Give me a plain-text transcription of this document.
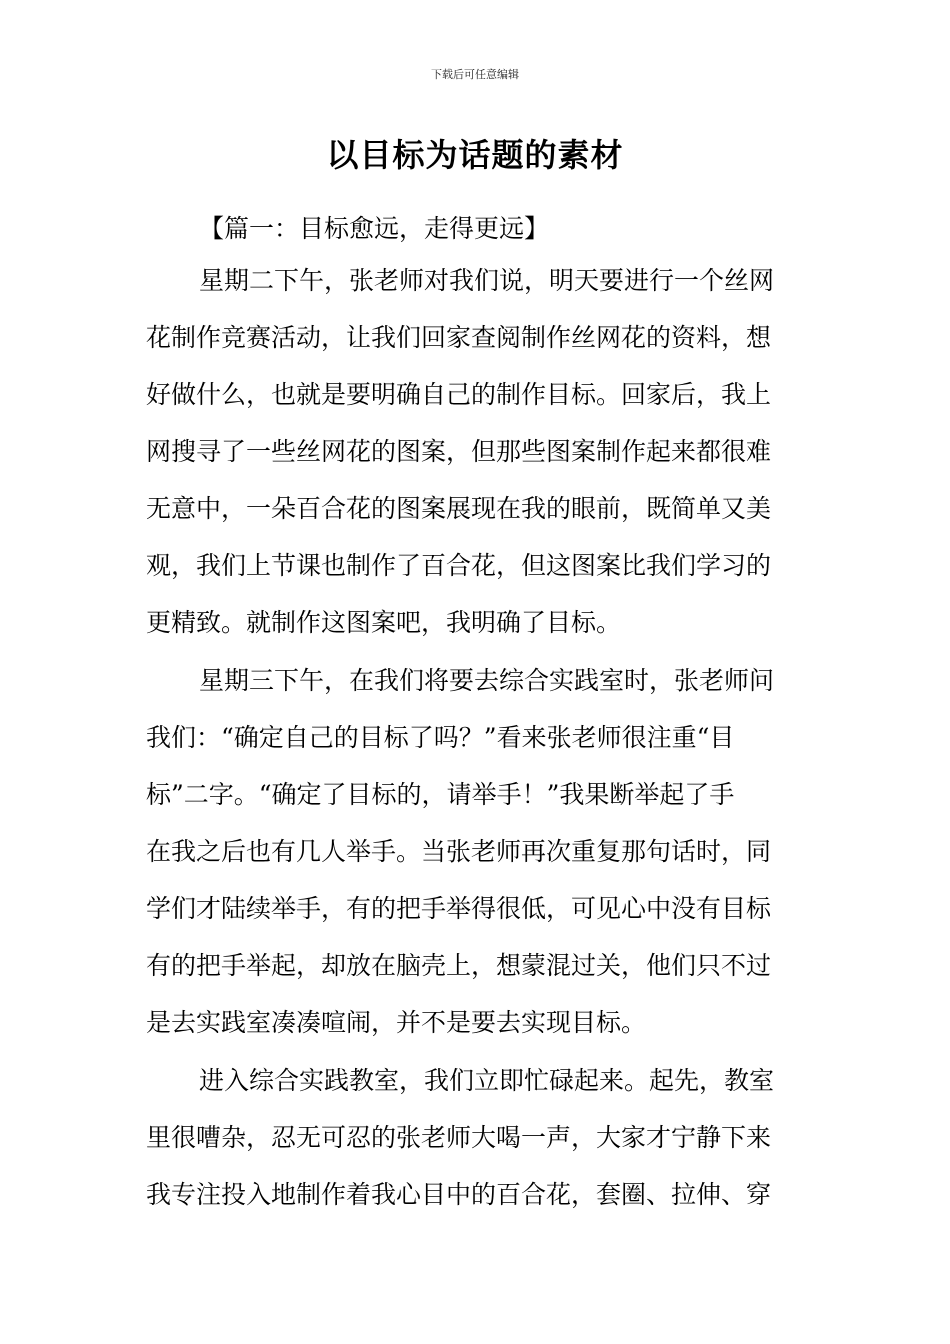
下载后可任意编辑
以目标为话题的素材
【篇一：目标愈远，走得更远】
星期二下午，张老师对我们说，明天要进行一个丝网
花制作竞赛活动，让我们回家查阅制作丝网花的资料，想
好做什么，也就是要明确自己的制作目标。回家后，我上
网搜寻了一些丝网花的图案，但那些图案制作起来都很难
无意中，一朵百合花的图案展现在我的眼前，既简单又美
观，我们上节课也制作了百合花，但这图案比我们学习的
更精致。就制作这图案吧，我明确了目标。
星期三下午，在我们将要去综合实践室时，张老师问
我们：“确定自己的目标了吗？”看来张老师很注重“目
标”二字。“确定了目标的，请举手！”我果断举起了手
在我之后也有几人举手。当张老师再次重复那句话时，同
学们才陆续举手，有的把手举得很低，可见心中没有目标
有的把手举起，却放在脑壳上，想蒙混过关，他们只不过
是去实践室凑凑喧闹，并不是要去实现目标。
进入综合实践教室，我们立即忙碌起来。起先，教室
里很嘈杂，忍无可忍的张老师大喝一声，大家才宁静下来
我专注投入地制作着我心目中的百合花，套圈、拉伸、穿
